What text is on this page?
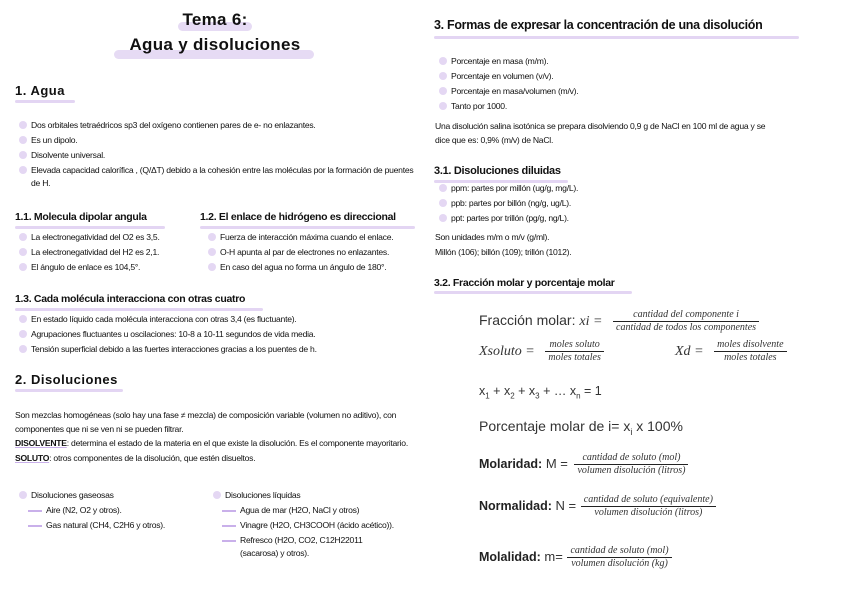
Tema 6:
Agua y disoluciones
1. Agua
Dos orbitales tetraédricos sp3 del oxígeno contienen pares de e- no enlazantes.
Es un dipolo.
Disolvente universal.
Elevada capacidad calorífica , (Q/ΔT) debido a la cohesión entre las moléculas por la formación de puentes de H.
1.1. Molecula dipolar angula
La electronegatividad del O2 es 3,5.
La electronegatividad del H2 es 2,1.
El ángulo de enlace es 104,5°.
1.2. El enlace de hidrógeno es direccional
Fuerza de interacción máxima cuando el enlace.
O-H apunta al par de electrones no enlazantes.
En caso del agua no forma un ángulo de 180°.
1.3. Cada molécula interacciona con otras cuatro
En estado líquido cada molécula interacciona con otras 3,4 (es fluctuante).
Agrupaciones fluctuantes u oscilaciones: 10-8 a 10-11 segundos de vida media.
Tensión superficial debido a las fuertes interacciones gracias a los puentes de h.
2. Disoluciones
Son mezclas homogéneas (solo hay una fase ≠ mezcla) de composición variable (volumen no aditivo), con componentes que ni se ven ni se pueden filtrar.
DISOLVENTE: determina el estado de la materia en el que existe la disolución. Es el componente mayoritario.
SOLUTO: otros componentes de la disolución, que estén disueltos.
Disoluciones gaseosas
Aire (N2, O2 y otros).
Gas natural (CH4, C2H6 y otros).
Disoluciones líquidas
Agua de mar (H2O, NaCl y otros)
Vinagre (H2O, CH3COOH (ácido acético)).
Refresco (H2O, CO2, C12H22011 (sacarosa) y otros).
3. Formas de expresar la concentración de una disolución
Porcentaje en masa (m/m).
Porcentaje en volumen (v/v).
Porcentaje en masa/volumen (m/v).
Tanto por 1000.
Una disolución salina isotónica se prepara disolviendo 0,9 g de NaCl en 100 ml de agua y se dice que es: 0,9% (m/v) de NaCl.
3.1. Disoluciones diluidas
ppm: partes por millón (ug/g, mg/L).
ppb: partes por billón (ng/g, ug/L).
ppt: partes por trillón (pg/g, ng/L).
Son unidades m/m o m/v (g/ml).
Millón (106); billón (109); trillón (1012).
3.2. Fracción molar y porcentaje molar
Fracción molar: xi = $\frac{\text{cantidad del componente i}}{\text{cantidad de todos los componentes}}$
Xsoluto = $\frac{\text{moles soluto}}{\text{moles totales}}$	$Xd = \frac{\text{moles disolvente}}{\text{moles totales}}$
$x_1 + x_2 + x_3$ + … $x_n = 1$
Porcentaje molar de $i= x_i$ x 100%
Molaridad: $M = \frac{\text{cantidad de soluto (mol)}}{\text{volumen disolución (litros)}}$
Normalidad: $N = \frac{\text{cantidad de soluto (equivalente)}}{\text{volumen disolución (litros)}}$
Molalidad: $m= \frac{\text{cantidad de soluto (mol)}}{\text{volumen disolución (kg)}}$
